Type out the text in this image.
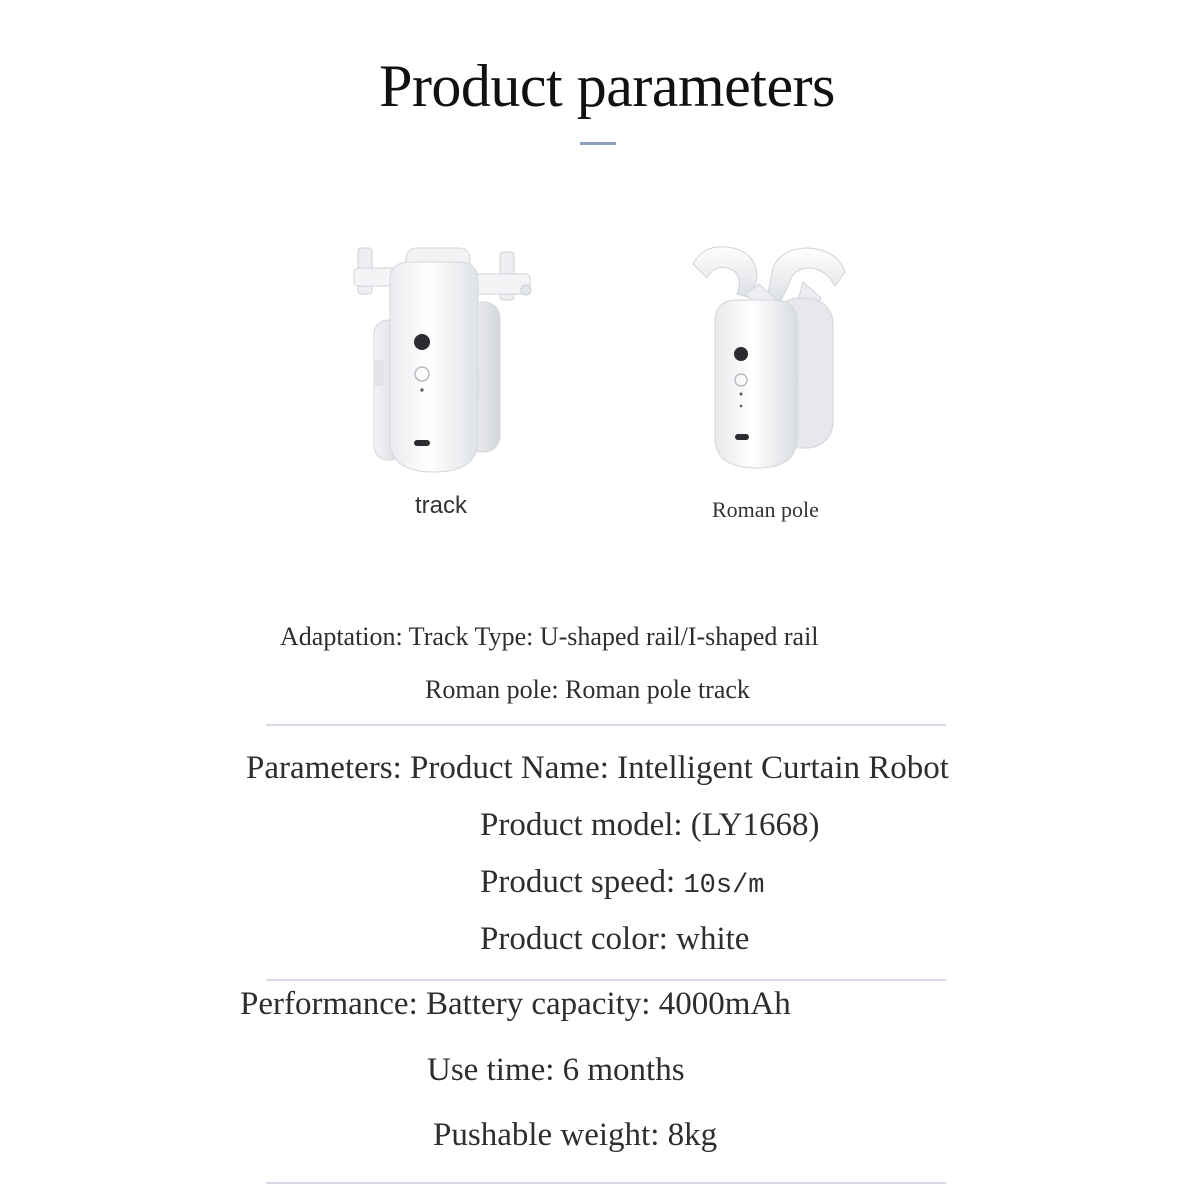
Product parameters
track	Roman pole
Adaptation: Track Type: U-shaped rail/I-shaped rail
Roman pole: Roman pole track
Parameters: Product Name: Intelligent Curtain Robot
Product model: (LY1668)
Product speed: 10s/m
Product color: white
Performance: Battery capacity: 4000mAh
Use time: 6 months
Pushable weight: 8kg
